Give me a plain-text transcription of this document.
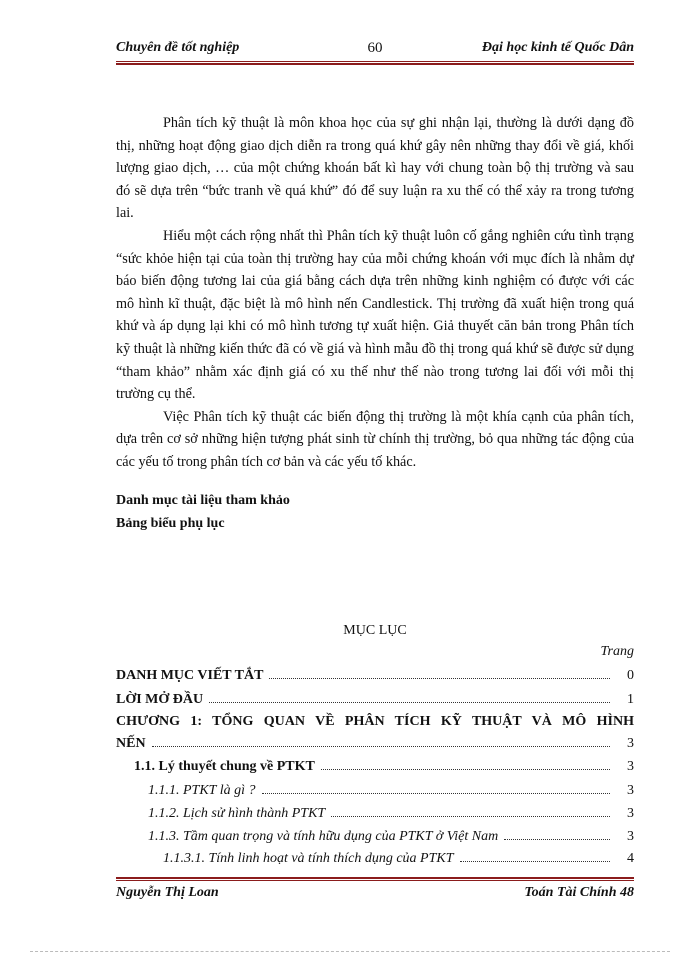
Chuyên đề tốt nghiệp	60	Đại học kinh tế Quốc Dân

Phân tích kỹ thuật là môn khoa học của sự ghi nhận lại, thường là dưới dạng đồ thị, những hoạt động giao dịch diễn ra trong quá khứ gây nên những thay đổi về giá, khối lượng giao dịch, … của một chứng khoán bất kì hay với chung toàn bộ thị trường và sau đó sẽ dựa trên “bức tranh về quá khứ” đó để suy luận ra xu thế có thể xảy ra trong tương lai.

Hiểu một cách rộng nhất thì Phân tích kỹ thuật luôn cố gắng nghiên cứu tình trạng “sức khỏe hiện tại của toàn thị trường hay của mỗi chứng khoán với mục đích là nhằm dự báo biến động tương lai của giá bằng cách dựa trên những kinh nghiệm có được với các mô hình kĩ thuật, đặc biệt là mô hình nến Candlestick. Thị trường đã xuất hiện trong quá khứ và áp dụng lại khi có mô hình tương tự xuất hiện. Giả thuyết căn bản trong Phân tích kỹ thuật là những kiến thức đã có về giá và hình mẫu đồ thị trong quá khứ sẽ được sử dụng “tham khảo” nhằm xác định giá có xu thế như thế nào trong tương lai đối với mỗi thị trường cụ thể.

Việc Phân tích kỹ thuật các biến động thị trường là một khía cạnh của phân tích, dựa trên cơ sở những hiện tượng phát sinh từ chính thị trường, bỏ qua những tác động của các yếu tố trong phân tích cơ bản và các yếu tố khác.

Danh mục tài liệu tham khảo
Bảng biểu phụ lục
MỤC LỤC
Trang
DANH MỤC VIẾT TẮT	0
LỜI MỞ ĐẦU	1
CHƯƠNG 1: TỔNG QUAN VỀ PHÂN TÍCH KỸ THUẬT VÀ MÔ HÌNH
NẾN	3
1.1. Lý thuyết chung về PTKT	3
1.1.1. PTKT là gì ?	3
1.1.2. Lịch sử hình thành PTKT	3
1.1.3. Tầm quan trọng và tính hữu dụng của PTKT ở Việt Nam	3
1.1.3.1. Tính linh hoạt và tính thích dụng của PTKT	4
Nguyễn Thị Loan	Toán Tài Chính 48
